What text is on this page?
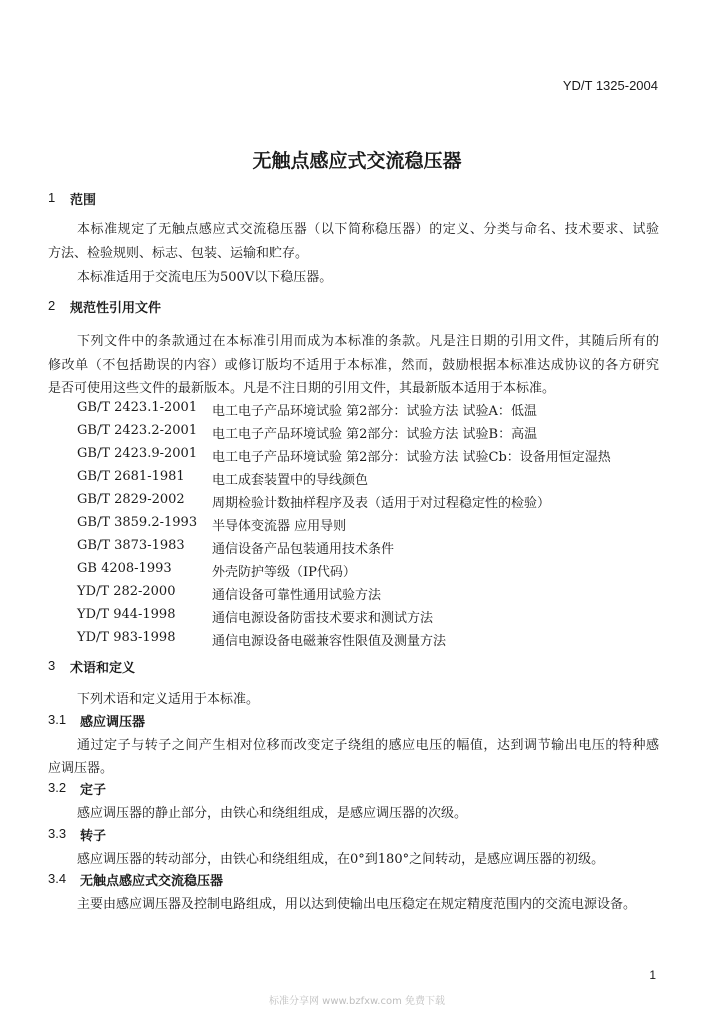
YD/T 1325-2004
无触点感应式交流稳压器
1 范围
本标准规定了无触点感应式交流稳压器（以下简称稳压器）的定义、分类与命名、技术要求、试验
方法、检验规则、标志、包装、运输和贮存。
本标准适用于交流电压为500V以下稳压器。
2 规范性引用文件
下列文件中的条款通过在本标准引用而成为本标准的条款。凡是注日期的引用文件，其随后所有的
修改单（不包括勘误的内容）或修订版均不适用于本标准，然而，鼓励根据本标准达成协议的各方研究
是否可使用这些文件的最新版本。凡是不注日期的引用文件，其最新版本适用于本标准。
GB/T 2423.1-2001 电工电子产品环境试验 第2部分：试验方法 试验A：低温
GB/T 2423.2-2001 电工电子产品环境试验 第2部分：试验方法 试验B：高温
GB/T 2423.9-2001 电工电子产品环境试验 第2部分：试验方法 试验Cb：设备用恒定湿热
GB/T 2681-1981 电工成套装置中的导线颜色
GB/T 2829-2002 周期检验计数抽样程序及表（适用于对过程稳定性的检验）
GB/T 3859.2-1993 半导体变流器 应用导则
GB/T 3873-1983 通信设备产品包装通用技术条件
GB 4208-1993	外壳防护等级（IP代码）
YD/T 282-2000	通信设备可靠性通用试验方法
YD/T 944-1998	通信电源设备防雷技术要求和测试方法
YD/T 983-1998	通信电源设备电磁兼容性限值及测量方法
3 术语和定义
下列术语和定义适用于本标准。
3.1 感应调压器
通过定子与转子之间产生相对位移而改变定子绕组的感应电压的幅值，达到调节输出电压的特种感
应调压器。
3.2 定子
感应调压器的静止部分，由铁心和绕组组成，是感应调压器的次级。
3.3 转子
感应调压器的转动部分，由铁心和绕组组成，在0°到180°之间转动，是感应调压器的初级。
3.4 无触点感应式交流稳压器
主要由感应调压器及控制电路组成，用以达到使输出电压稳定在规定精度范围内的交流电源设备。
1
标准分享网 www.bzfxw.com 免费下载
